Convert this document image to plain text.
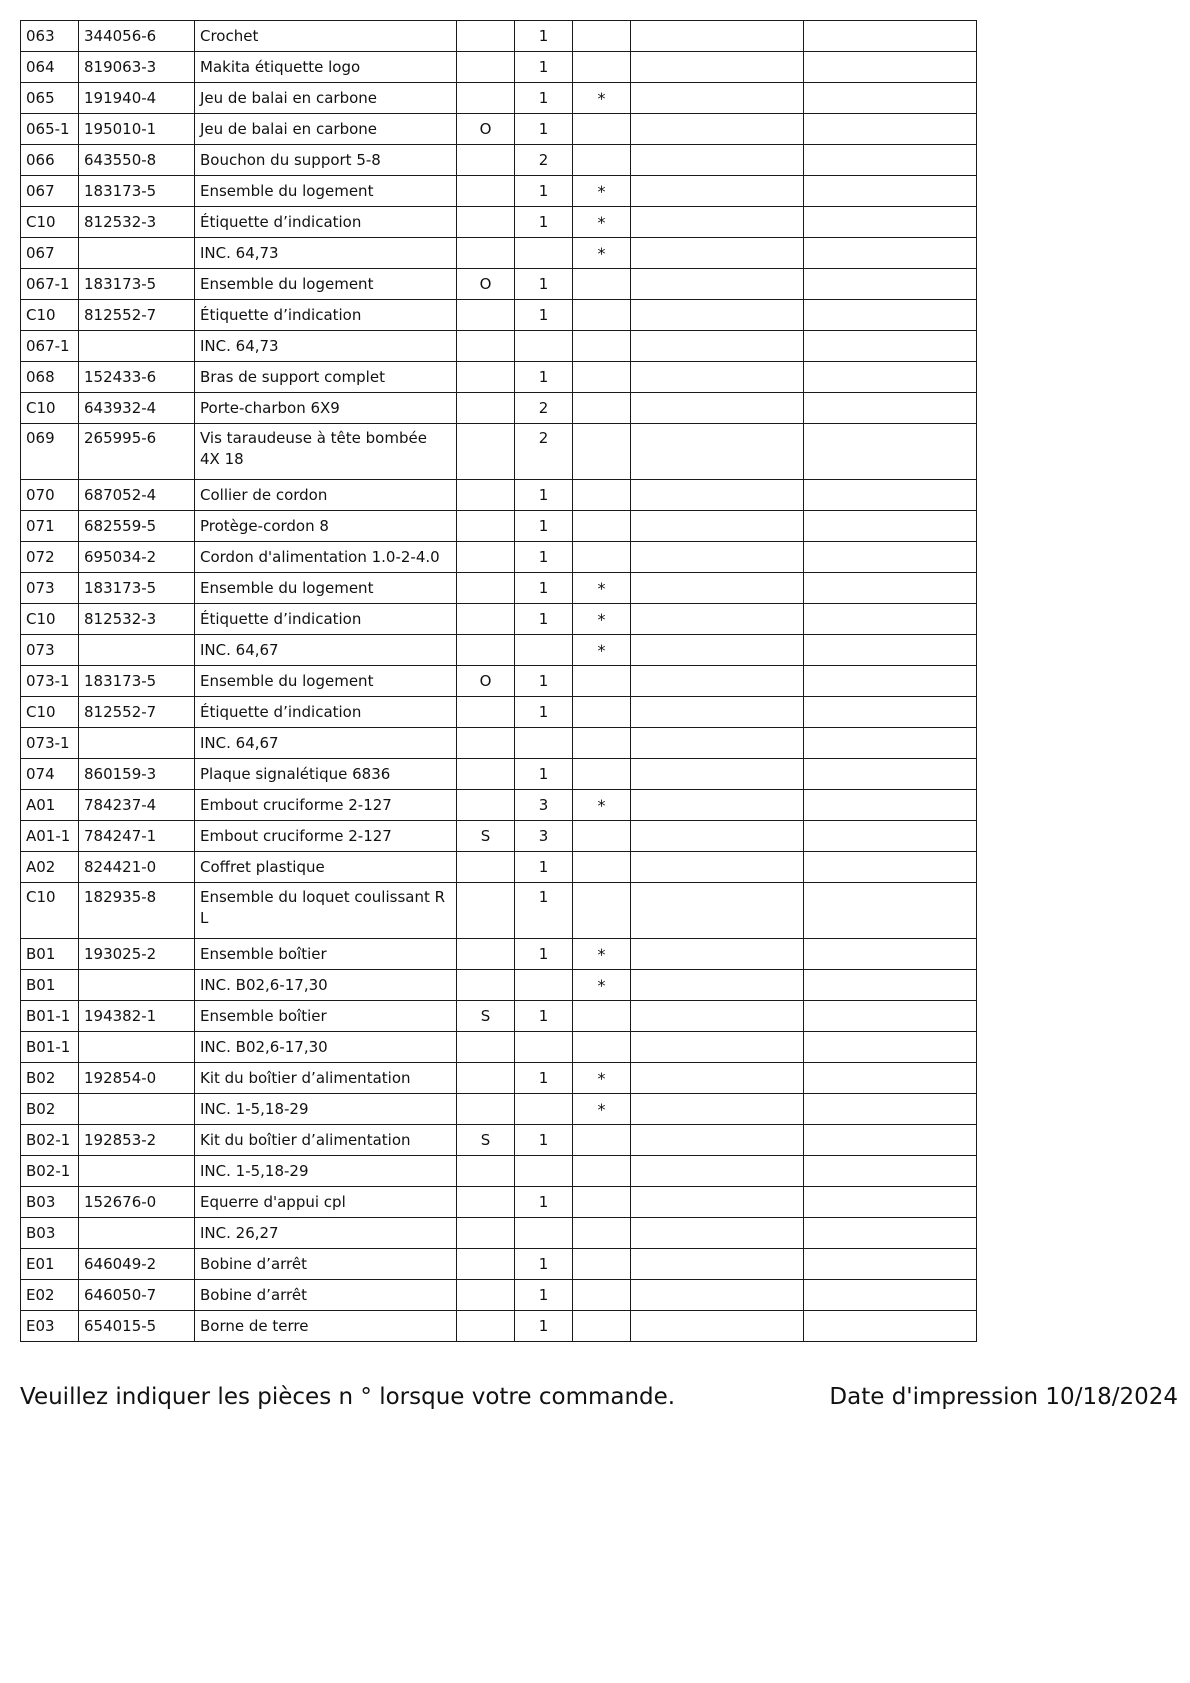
063	344056-6	Crochet		1			
064	819063-3	Makita étiquette logo		1			
065	191940-4	Jeu de balai en carbone		1	*		
065-1	195010-1	Jeu de balai en carbone	O	1			
066	643550-8	Bouchon du support 5-8		2			
067	183173-5	Ensemble du logement		1	*		
C10	812532-3	Étiquette d’indication		1	*		
067		INC. 64,73			*		
067-1	183173-5	Ensemble du logement	O	1			
C10	812552-7	Étiquette d’indication		1			
067-1		INC. 64,73					
068	152433-6	Bras de support complet		1			
C10	643932-4	Porte-charbon 6X9		2			
069	265995-6	Vis taraudeuse à tête bombée 4X 18		2			
070	687052-4	Collier de cordon		1			
071	682559-5	Protège-cordon 8		1			
072	695034-2	Cordon d'alimentation 1.0-2-4.0		1			
073	183173-5	Ensemble du logement		1	*		
C10	812532-3	Étiquette d’indication		1	*		
073		INC. 64,67			*		
073-1	183173-5	Ensemble du logement	O	1			
C10	812552-7	Étiquette d’indication		1			
073-1		INC. 64,67					
074	860159-3	Plaque signalétique 6836		1			
A01	784237-4	Embout cruciforme 2-127		3	*		
A01-1	784247-1	Embout cruciforme 2-127	S	3			
A02	824421-0	Coffret plastique		1			
C10	182935-8	Ensemble du loquet coulissant R L		1			
B01	193025-2	Ensemble boîtier		1	*		
B01		INC. B02,6-17,30			*		
B01-1	194382-1	Ensemble boîtier	S	1			
B01-1		INC. B02,6-17,30					
B02	192854-0	Kit du boîtier d’alimentation		1	*		
B02		INC. 1-5,18-29			*		
B02-1	192853-2	Kit du boîtier d’alimentation	S	1			
B02-1		INC. 1-5,18-29					
B03	152676-0	Equerre d'appui cpl		1			
B03		INC. 26,27					
E01	646049-2	Bobine d’arrêt		1			
E02	646050-7	Bobine d’arrêt		1			
E03	654015-5	Borne de terre		1			
Veuillez indiquer les pièces n ° lorsque votre commande.	Date d'impression 10/18/2024
